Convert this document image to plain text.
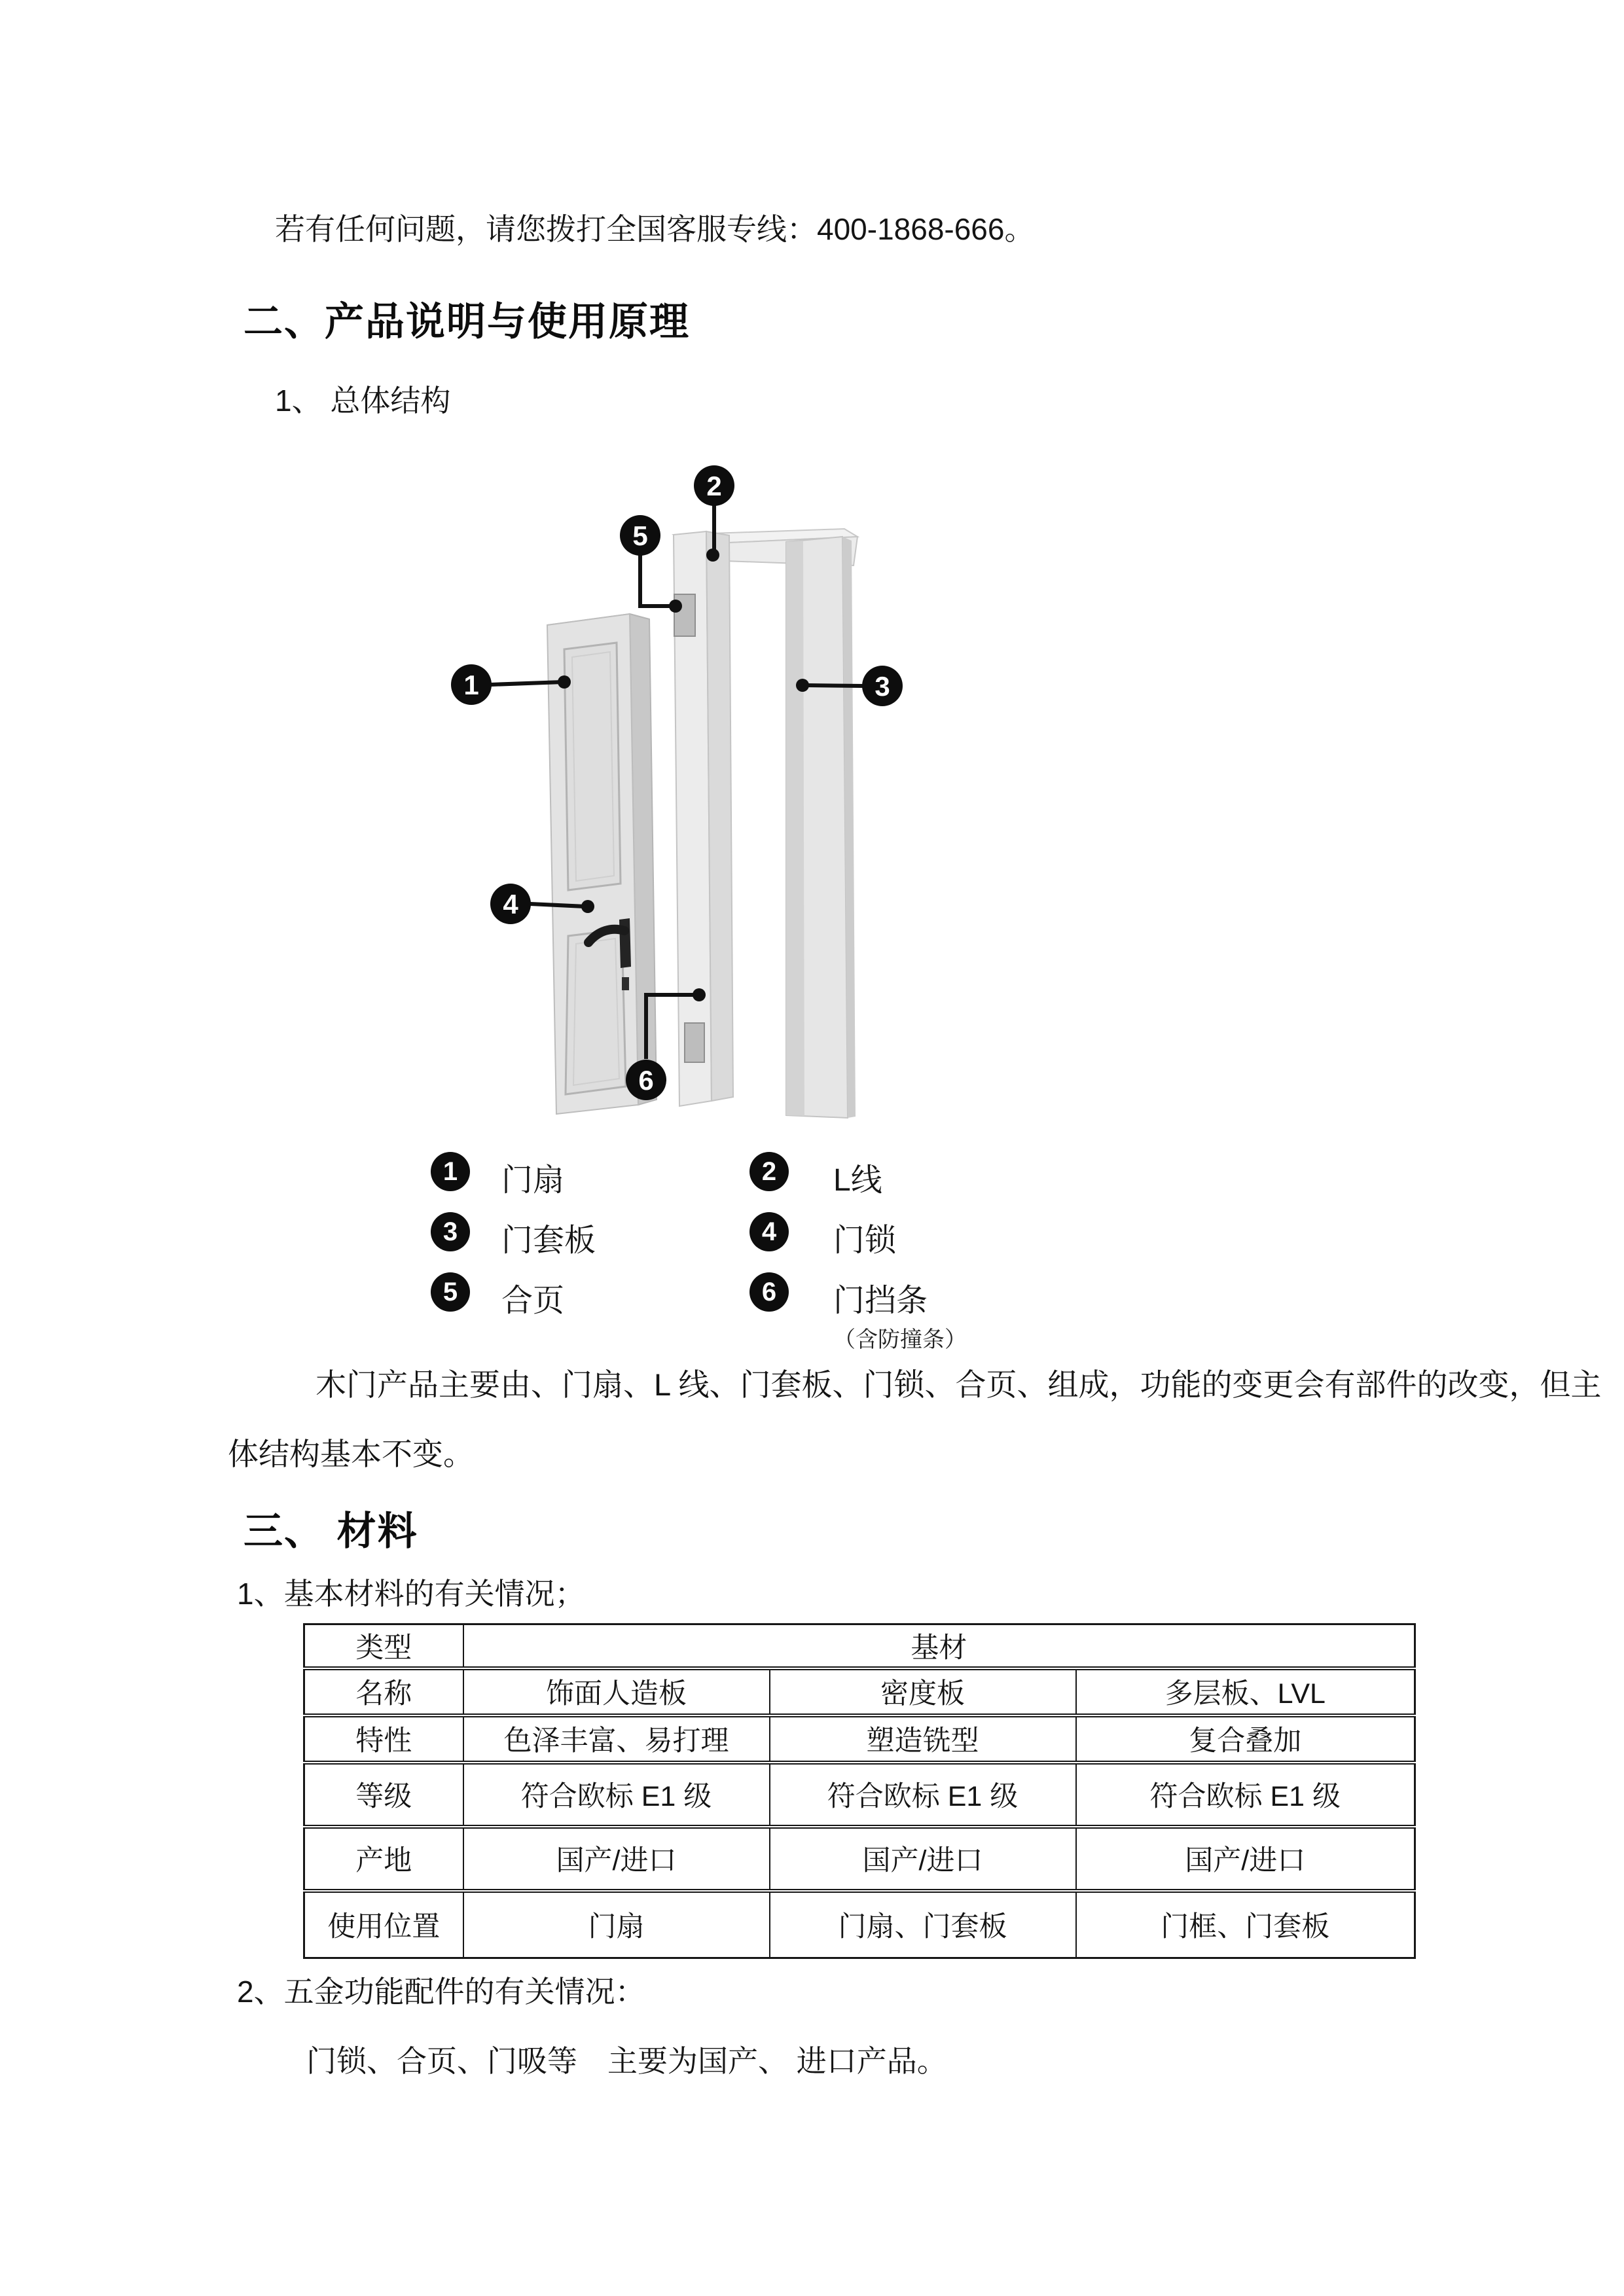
若有任何问题，请您拨打全国客服专线：400-1868-666。
二、产品说明与使用原理
1、 总体结构
1
2
3
4
5
6
1	门扇	2	L线
3	门套板	4	门锁
5	合页	6	门挡条
（含防撞条）
木门产品主要由、门扇、L 线、门套板、门锁、合页、组成，功能的变更会有部件的改变，但主
体结构基本不变。
三、 材料
1、基本材料的有关情况；
类型	基材		
名称	饰面人造板	密度板	多层板、LVL
特性	色泽丰富、易打理	塑造铣型	复合叠加
等级	符合欧标 E1 级	符合欧标 E1 级	符合欧标 E1 级
产地	国产/进口	国产/进口	国产/进口
使用位置	门扇	门扇、门套板	门框、门套板
2、五金功能配件的有关情况：
门锁、合页、门吸等　主要为国产、 进口产品。
